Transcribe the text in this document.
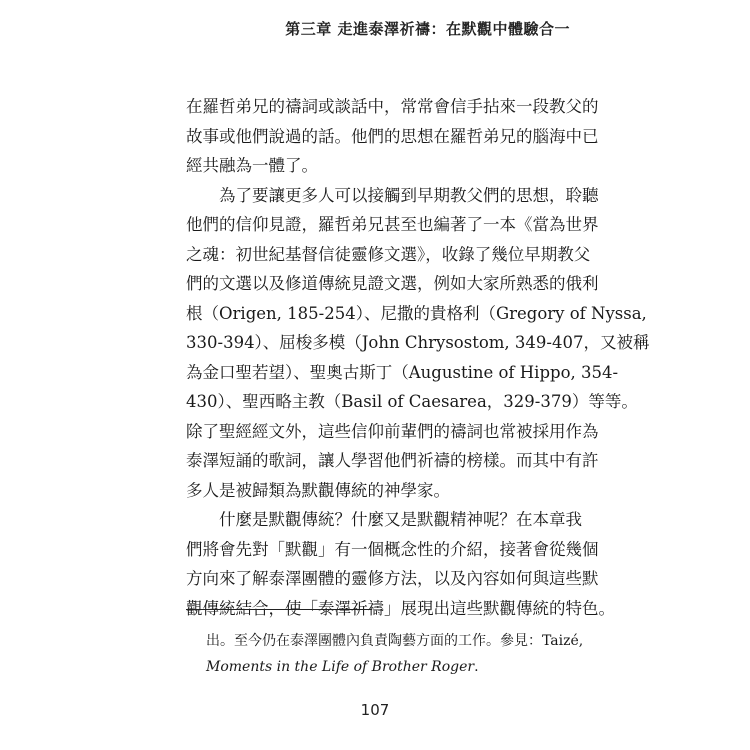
第三章 走進泰澤祈禱：在默觀中體驗合一
在羅哲弟兄的禱詞或談話中，常常會信手拈來一段教父的
故事或他們說過的話。他們的思想在羅哲弟兄的腦海中已
經共融為一體了。
為了要讓更多人可以接觸到早期教父們的思想，聆聽
他們的信仰見證，羅哲弟兄甚至也編著了一本《當為世界
之魂：初世紀基督信徒靈修文選》，收錄了幾位早期教父
們的文選以及修道傳統見證文選，例如大家所熟悉的俄利
根（Origen, 185-254）、尼撒的貴格利（Gregory of Nyssa,
330-394）、屈梭多模（John Chrysostom, 349-407，又被稱
為金口聖若望）、聖奧古斯丁（Augustine of Hippo, 354-
430）、聖西略主教（Basil of Caesarea，329-379）等等。
除了聖經經文外，這些信仰前輩們的禱詞也常被採用作為
泰澤短誦的歌詞，讓人學習他們祈禱的榜樣。而其中有許
多人是被歸類為默觀傳統的神學家。
什麼是默觀傳統？什麼又是默觀精神呢？在本章我
們將會先對「默觀」有一個概念性的介紹，接著會從幾個
方向來了解泰澤團體的靈修方法，以及內容如何與這些默
觀傳統結合，使「泰澤祈禱」展現出這些默觀傳統的特色。
出。至今仍在泰澤團體內負責陶藝方面的工作。參見：Taizé,
Moments in the Life of Brother Roger.
107
